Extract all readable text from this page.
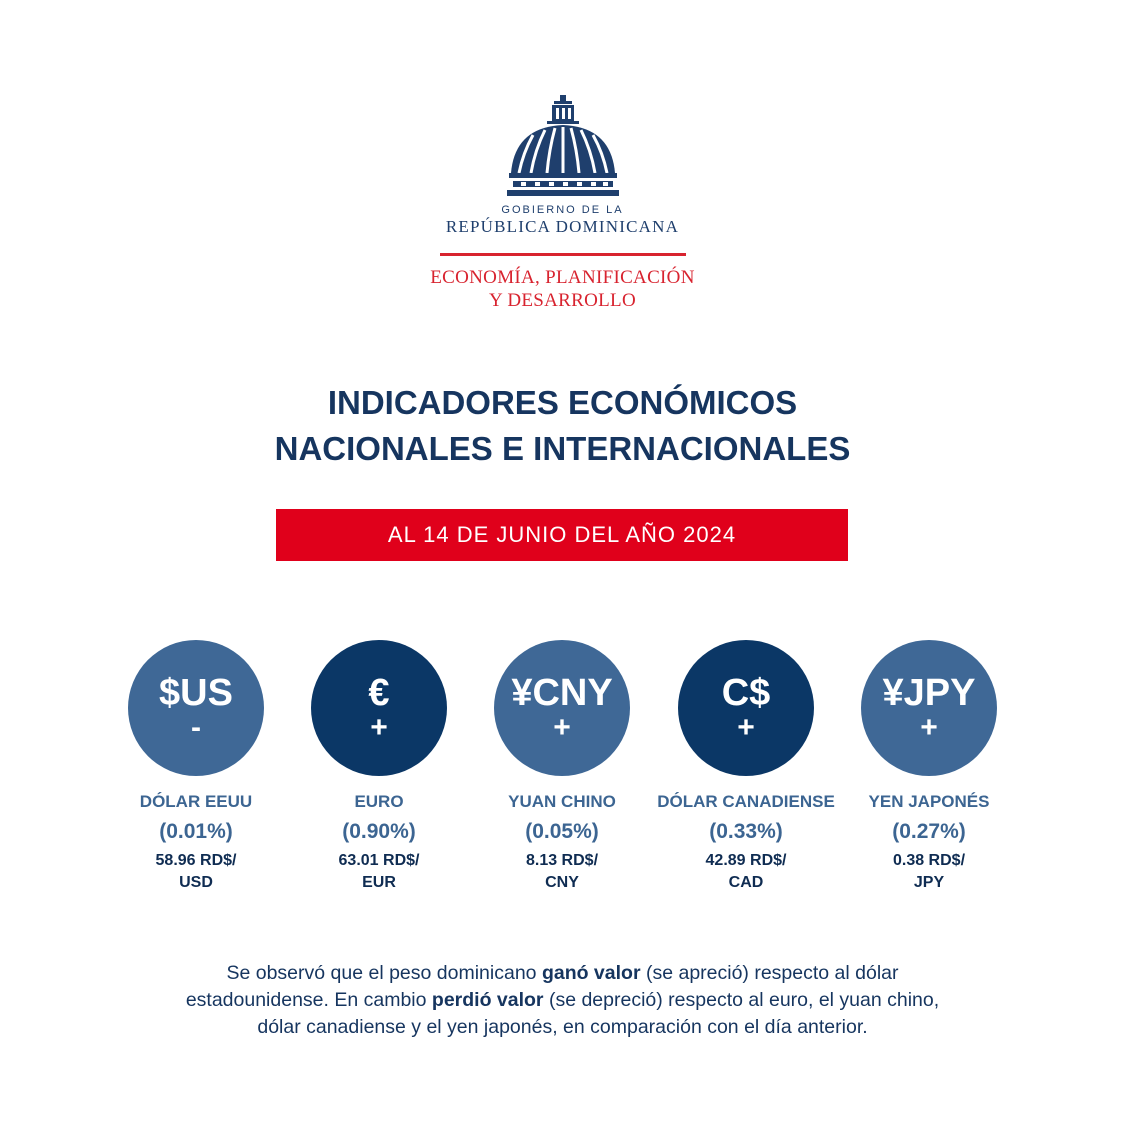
GOBIERNO DE LA
REPÚBLICA DOMINICANA
ECONOMÍA, PLANIFICACIÓN
Y DESARROLLO
INDICADORES ECONÓMICOS
NACIONALES E INTERNACIONALES
AL 14 DE JUNIO DEL AÑO 2024
$US
-
DÓLAR EEUU
(0.01%)
58.96 RD$/
USD
€
+
EURO
(0.90%)
63.01 RD$/
EUR
¥CNY
+
YUAN CHINO
(0.05%)
8.13 RD$/
CNY
C$
+
DÓLAR CANADIENSE
(0.33%)
42.89 RD$/
CAD
¥JPY
+
YEN JAPONÉS
(0.27%)
0.38 RD$/
JPY
Se observó que el peso dominicano ganó valor (se apreció) respecto al dólar estadounidense. En cambio perdió valor (se depreció) respecto al euro, el yuan chino, dólar canadiense y el yen japonés, en comparación con el día anterior.
